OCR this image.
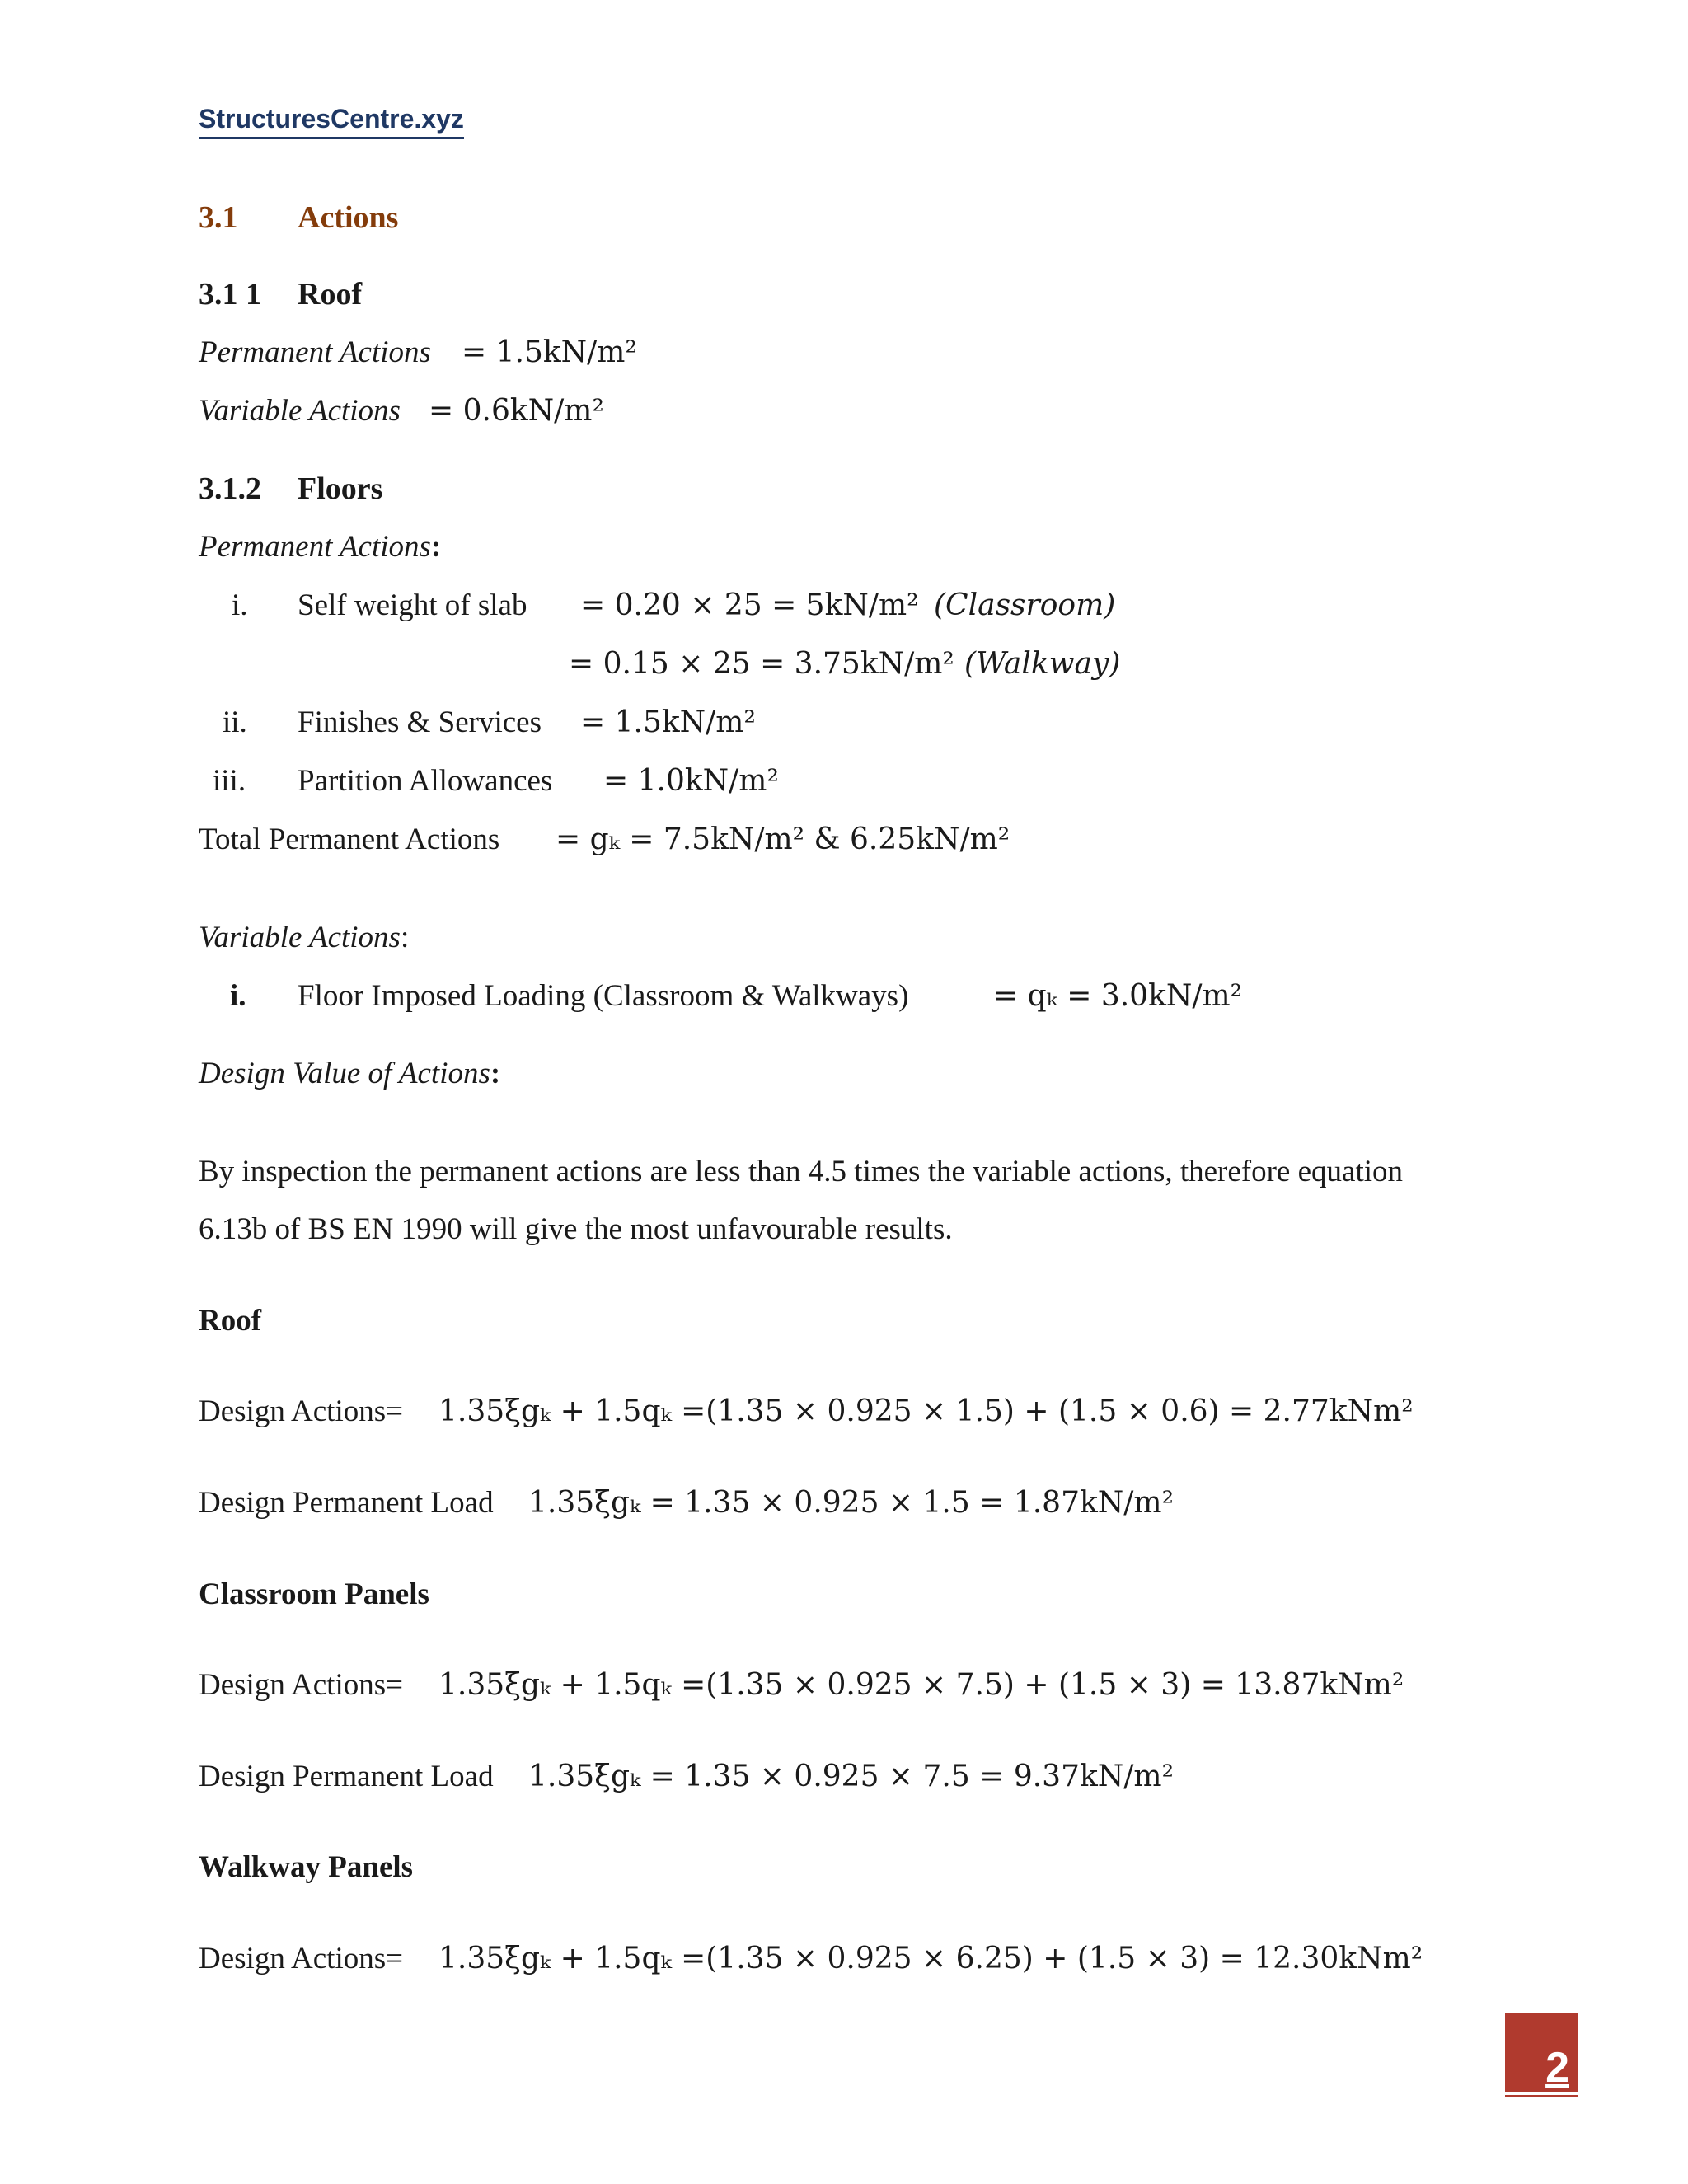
StructuresCentre.xyz
3.1 Actions
3.1 1 Roof
Permanent Actions = 1.5kN/m²
Variable Actions = 0.6kN/m²
3.1.2 Floors
Permanent Actions:
i. Self weight of slab = 0.20 × 25 = 5kN/m² (Classroom)
= 0.15 × 25 = 3.75kN/m² (Walkway)
ii. Finishes & Services = 1.5kN/m²
iii. Partition Allowances = 1.0kN/m²
Total Permanent Actions = gₖ = 7.5kN/m² & 6.25kN/m²
Variable Actions:
i. Floor Imposed Loading (Classroom & Walkways)	= qₖ = 3.0kN/m²
Design Value of Actions:
By inspection the permanent actions are less than 4.5 times the variable actions, therefore equation
6.13b of BS EN 1990 will give the most unfavourable results.
Roof
Design Actions= 1.35ξgₖ + 1.5qₖ =(1.35 × 0.925 × 1.5) + (1.5 × 0.6) = 2.77kNm²
Design Permanent Load 1.35ξgₖ = 1.35 × 0.925 × 1.5 = 1.87kN/m²
Classroom Panels
Design Actions= 1.35ξgₖ + 1.5qₖ =(1.35 × 0.925 × 7.5) + (1.5 × 3) = 13.87kNm²
Design Permanent Load 1.35ξgₖ = 1.35 × 0.925 × 7.5 = 9.37kN/m²
Walkway Panels
Design Actions= 1.35ξgₖ + 1.5qₖ =(1.35 × 0.925 × 6.25) + (1.5 × 3) = 12.30kNm²
2
